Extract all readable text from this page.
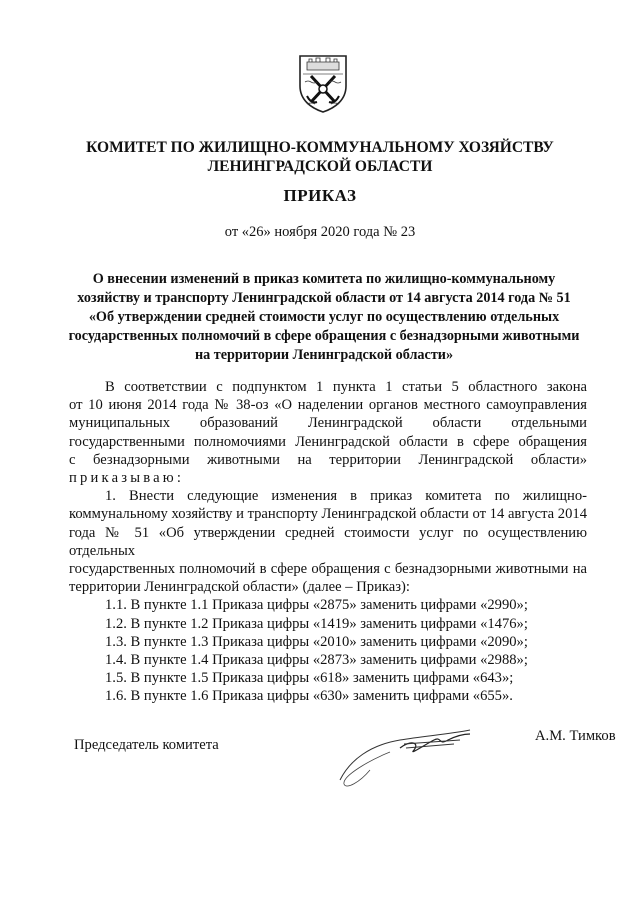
КОМИТЕТ ПО ЖИЛИЩНО-КОММУНАЛЬНОМУ ХОЗЯЙСТВУ
ЛЕНИНГРАДСКОЙ ОБЛАСТИ
ПРИКАЗ
от «26» ноября 2020 года № 23
О внесении изменений в приказ комитета по жилищно-коммунальному
хозяйству и транспорту Ленинградской области от 14 августа 2014 года № 51
«Об утверждении средней стоимости услуг по осуществлению отдельных
государственных полномочий в сфере обращения с безнадзорными животными
на территории Ленинградской области»

В соответствии с подпунктом 1 пункта 1 статьи 5 областного закона

от 10 июня 2014 года № 38-оз «О наделении органов местного самоуправления

муниципальных образований Ленинградской области отдельными

государственными полномочиями Ленинградской области в сфере обращения

с безнадзорными животными на территории Ленинградской области»

приказываю:

1. Внести следующие изменения в приказ комитета по жилищно-

коммунальному хозяйству и транспорту Ленинградской области от 14 августа 2014

года № 51 «Об утверждении средней стоимости услуг по осуществлению отдельных

государственных полномочий в сфере обращения с безнадзорными животными на

территории Ленинградской области» (далее – Приказ):

1.1. В пункте 1.1 Приказа цифры «2875» заменить цифрами «2990»;

1.2. В пункте 1.2 Приказа цифры «1419» заменить цифрами «1476»;

1.3. В пункте 1.3 Приказа цифры «2010» заменить цифрами «2090»;

1.4. В пункте 1.4 Приказа цифры «2873» заменить цифрами «2988»;

1.5. В пункте 1.5 Приказа цифры «618» заменить цифрами «643»;

1.6. В пункте 1.6 Приказа цифры «630» заменить цифрами «655».

Председатель комитета
А.М. Тимков
